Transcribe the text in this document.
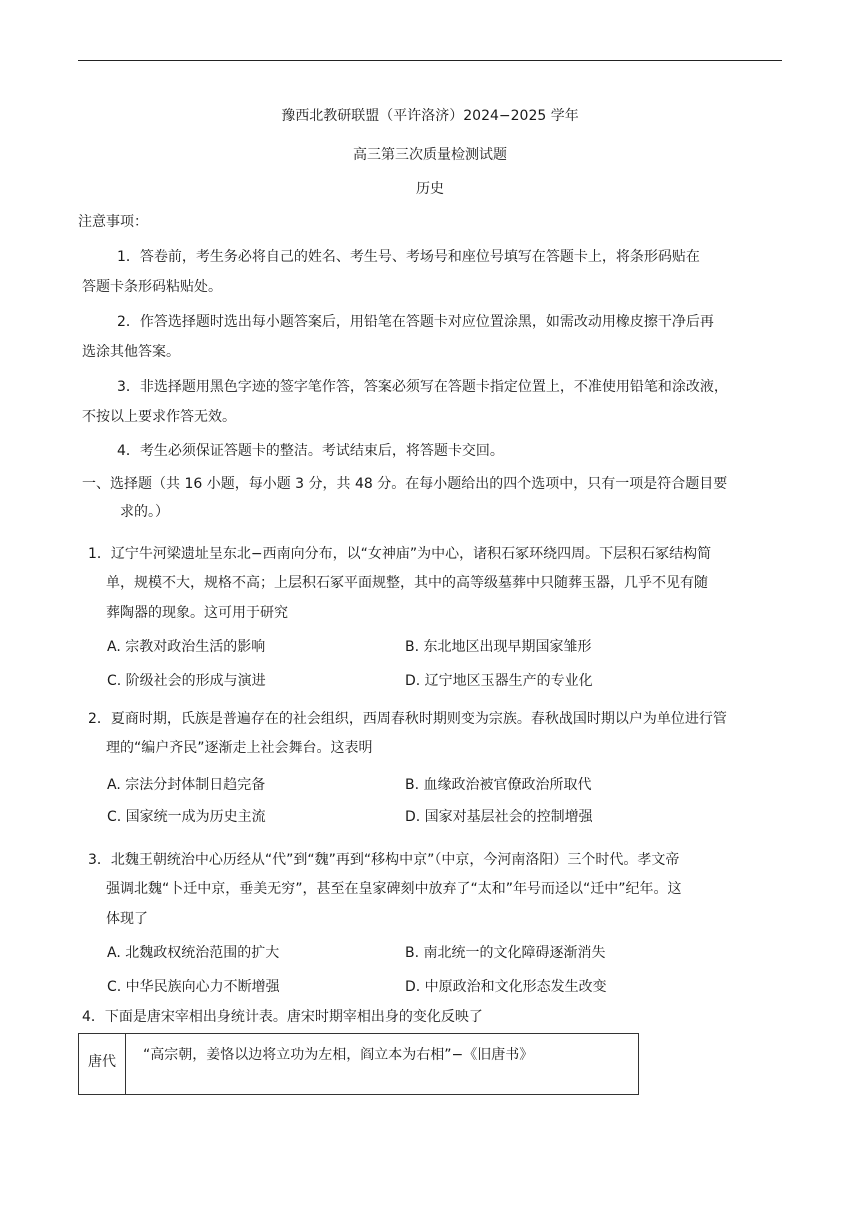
豫西北教研联盟（平许洛济）2024−2025 学年
高三第三次质量检测试题
历史
注意事项：
1．答卷前，考生务必将自己的姓名、考生号、考场号和座位号填写在答题卡上，将条形码贴在
答题卡条形码粘贴处。
2．作答选择题时选出每小题答案后，用铅笔在答题卡对应位置涂黑，如需改动用橡皮擦干净后再
选涂其他答案。
3．非选择题用黑色字迹的签字笔作答，答案必须写在答题卡指定位置上，不准使用铅笔和涂改液，
不按以上要求作答无效。
4．考生必须保证答题卡的整洁。考试结束后，将答题卡交回。
一、选择题（共 16 小题，每小题 3 分，共 48 分。在每小题给出的四个选项中，只有一项是符合题目要
求的。）
1．辽宁牛河梁遗址呈东北−西南向分布，以“女神庙”为中心，诸积石冢环绕四周。下层积石冢结构简
单，规模不大，规格不高；上层积石冢平面规整，其中的高等级墓葬中只随葬玉器，几乎不见有随
葬陶器的现象。这可用于研究
A. 宗教对政治生活的影响	B. 东北地区出现早期国家雏形
C. 阶级社会的形成与演进	D. 辽宁地区玉器生产的专业化
2．夏商时期，氏族是普遍存在的社会组织，西周春秋时期则变为宗族。春秋战国时期以户为单位进行管
理的“编户齐民”逐渐走上社会舞台。这表明
A. 宗法分封体制日趋完备	B. 血缘政治被官僚政治所取代
C. 国家统一成为历史主流	D. 国家对基层社会的控制增强
3．北魏王朝统治中心历经从“代”到“魏”再到“移构中京”（中京，今河南洛阳）三个时代。孝文帝
强调北魏“卜迁中京，垂美无穷”，甚至在皇家碑刻中放弃了“太和”年号而迳以“迁中”纪年。这
体现了
A. 北魏政权统治范围的扩大	B. 南北统一的文化障碍逐渐消失
C. 中华民族向心力不断增强	D. 中原政治和文化形态发生改变
4．下面是唐宋宰相出身统计表。唐宋时期宰相出身的变化反映了
唐代 “高宗朝，姜恪以边将立功为左相，阎立本为右相”−《旧唐书》
